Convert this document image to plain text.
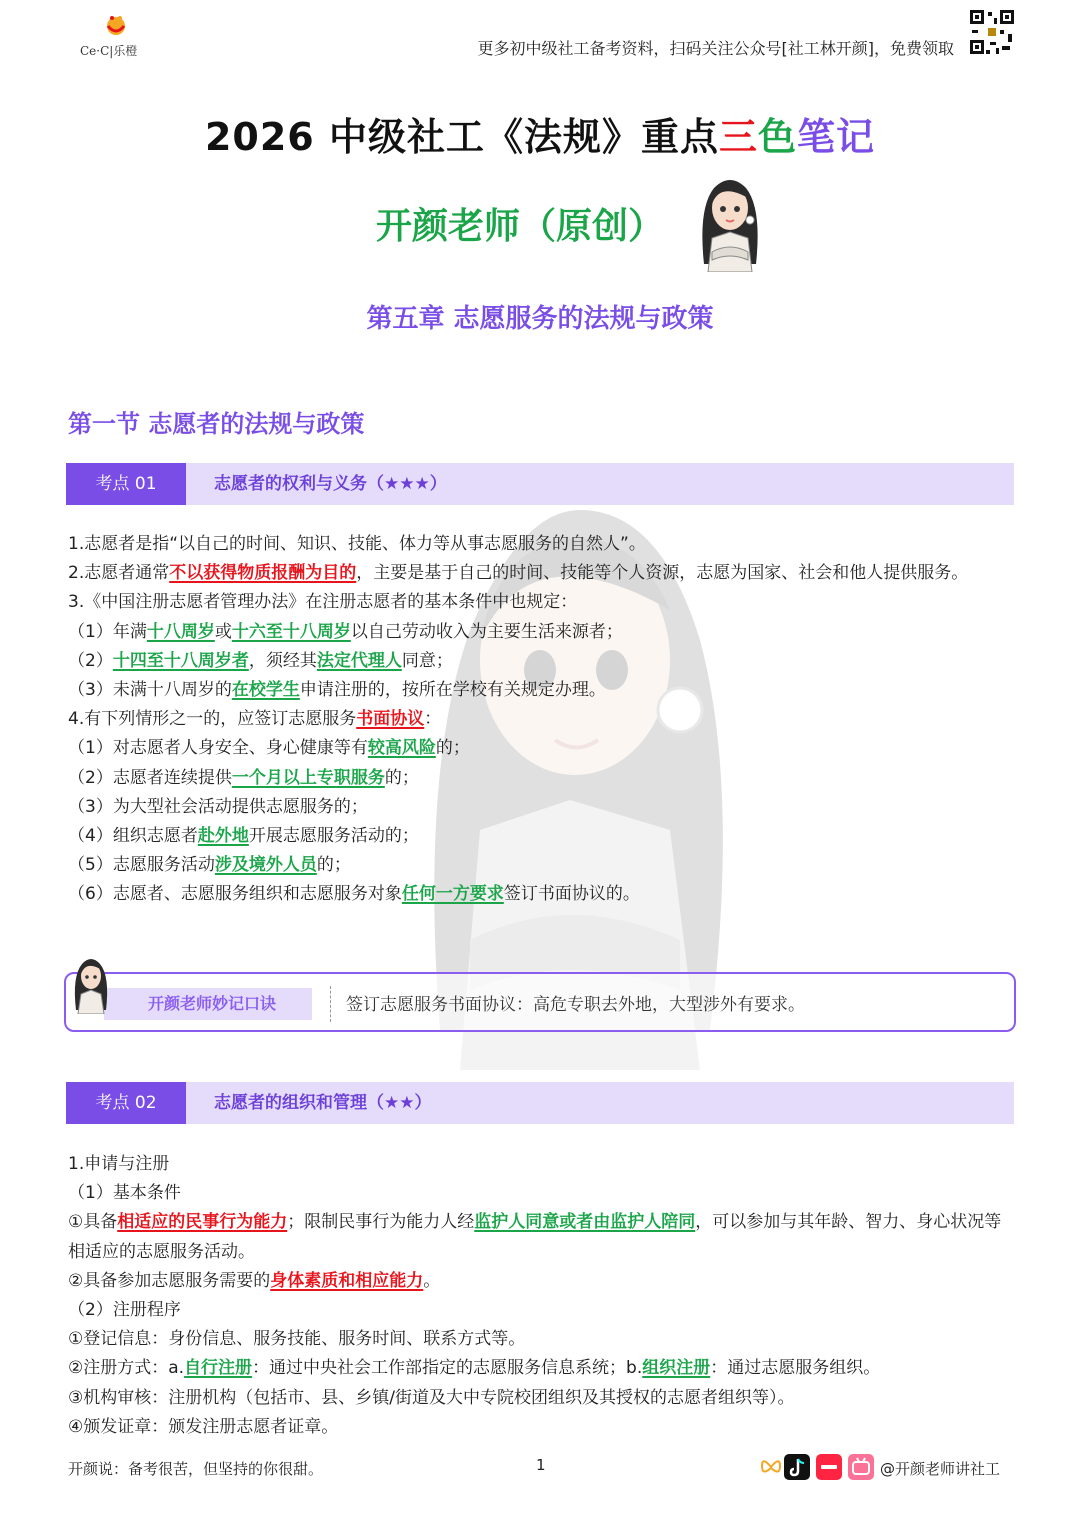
Ce·C|乐橙	更多初中级社工备考资料，扫码关注公众号[社工林开颜]，免费领取
2026 中级社工《法规》重点三色笔记
开颜老师（原创）
第五章 志愿服务的法规与政策
第一节 志愿者的法规与政策
考点 01	志愿者的权利与义务（★★★）

1.志愿者是指“以自己的时间、知识、技能、体力等从事志愿服务的自然人”。

2.志愿者通常不以获得物质报酬为目的，主要是基于自己的时间、技能等个人资源，志愿为国家、社会和他人提供服务。

3.《中国注册志愿者管理办法》在注册志愿者的基本条件中也规定：

（1）年满十八周岁或十六至十八周岁以自己劳动收入为主要生活来源者；

（2）十四至十八周岁者，须经其法定代理人同意；

（3）未满十八周岁的在校学生申请注册的，按所在学校有关规定办理。

4.有下列情形之一的，应签订志愿服务书面协议：

（1）对志愿者人身安全、身心健康等有较高风险的；

（2）志愿者连续提供一个月以上专职服务的；

（3）为大型社会活动提供志愿服务的；

（4）组织志愿者赴外地开展志愿服务活动的；

（5）志愿服务活动涉及境外人员的；

（6）志愿者、志愿服务组织和志愿服务对象任何一方要求签订书面协议的。

开颜老师妙记口诀	签订志愿服务书面协议：高危专职去外地，大型涉外有要求。
考点 02	志愿者的组织和管理（★★）

1.申请与注册

（1）基本条件

①具备相适应的民事行为能力；限制民事行为能力人经监护人同意或者由监护人陪同，可以参加与其年龄、智力、身心状况等相适应的志愿服务活动。

②具备参加志愿服务需要的身体素质和相应能力。

（2）注册程序

①登记信息：身份信息、服务技能、服务时间、联系方式等。

②注册方式：a.自行注册：通过中央社会工作部指定的志愿服务信息系统；b.组织注册：通过志愿服务组织。

③机构审核：注册机构（包括市、县、乡镇/街道及大中专院校团组织及其授权的志愿者组织等）。

④颁发证章：颁发注册志愿者证章。

开颜说：备考很苦，但坚持的你很甜。	1	@开颜老师讲社工
